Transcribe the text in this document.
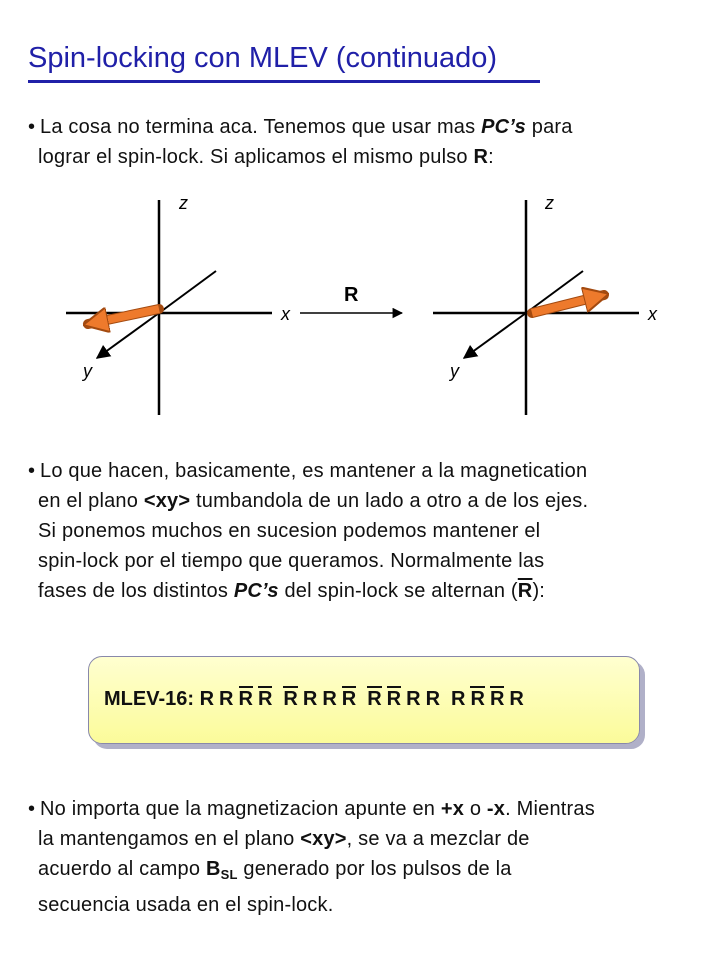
Spin-locking con MLEV (continuado)
• La cosa no termina aca. Tenemos que usar mas PC’s para
lograr el spin-lock. Si aplicamos el mismo pulso R:
z
x
y
R
z
x
y
• Lo que hacen, basicamente, es mantener a la magnetication
en el plano <xy> tumbandola de un lado a otro a de los ejes.
Si ponemos muchos en sucesion podemos mantener el
spin-lock por el tiempo que queramos. Normalmente las
fases de los distintos PC’s del spin-lock se alternan $(\overline{R})$:
MLEV-16: R R R R R R R R R R R R R R R R
• No importa que la magnetizacion apunte en +x o -x. Mientras
la mantengamos en el plano <xy>, se va a mezclar de
acuerdo al campo $B_{SL}$ generado por los pulsos de la
secuencia usada en el spin-lock.
